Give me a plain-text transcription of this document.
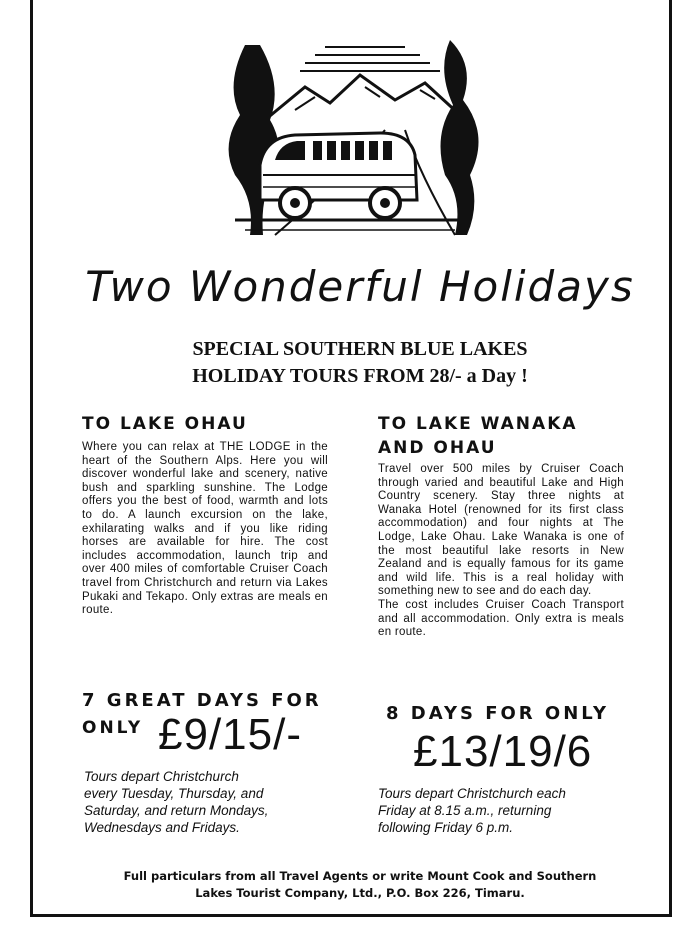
Two Wonderful Holidays
SPECIAL SOUTHERN BLUE LAKES
HOLIDAY TOURS FROM 28/- a Day !
TO LAKE OHAU

Where you can relax at THE LODGE in the heart of the Southern Alps. Here you will discover wonderful lake and scenery, native bush and sparkling sunshine. The Lodge offers you the best of food, warmth and lots to do. A launch excursion on the lake, exhilarating walks and if you like riding horses are available for hire. The cost includes accommodation, launch trip and over 400 miles of comfortable Cruiser Coach travel from Christchurch and return via Lakes Pukaki and Tekapo. Only extras are meals en route.

7 GREAT DAYS FOR
ONLY £9/15/-
Tours depart Christchurch
every Tuesday, Thursday, and
Saturday, and return Mondays,
Wednesdays and Fridays.
TO LAKE WANAKA
AND OHAU

Travel over 500 miles by Cruiser Coach through varied and beautiful Lake and High Country scenery. Stay three nights at Wanaka Hotel (renowned for its first class accommodation) and four nights at The Lodge, Lake Ohau. Lake Wanaka is one of the most beautiful lake resorts in New Zealand and is equally famous for its game and wild life. This is a real holiday with something new to see and do each day.

The cost includes Cruiser Coach Transport and all accommodation. Only extra is meals en route.

8 DAYS FOR ONLY
£13/19/6
Tours depart Christchurch each
Friday at 8.15 a.m., returning
following Friday 6 p.m.
Full particulars from all Travel Agents or write Mount Cook and Southern
Lakes Tourist Company, Ltd., P.O. Box 226, Timaru.
